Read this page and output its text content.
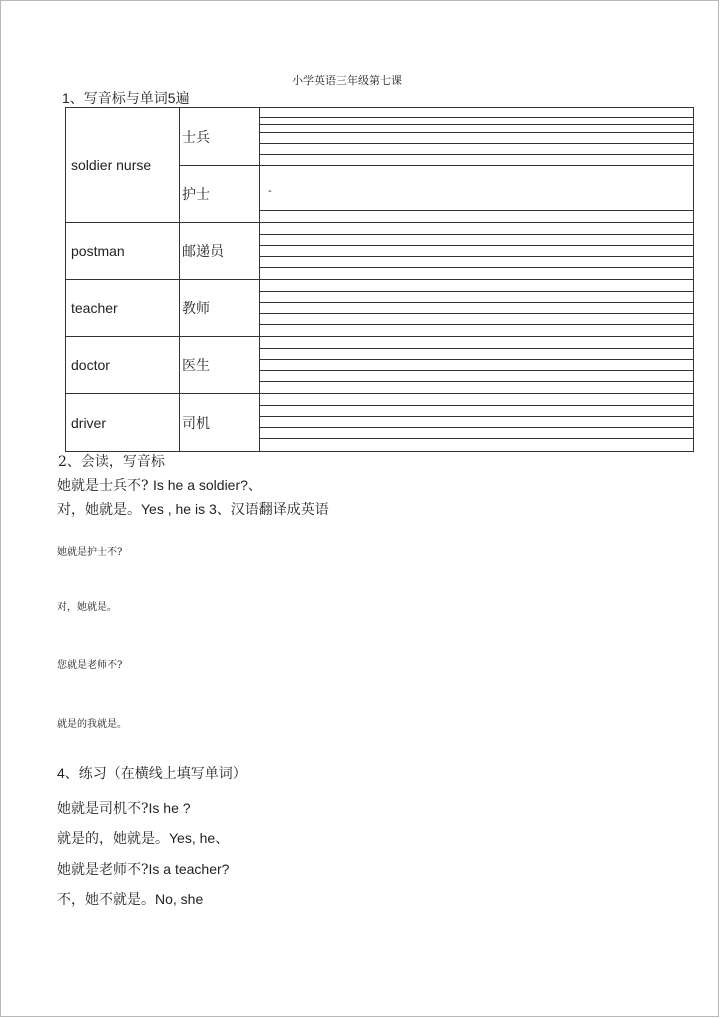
小学英语三年级第七课
1、写音标与单词5遍
soldier nurse	士兵	

	护士	-

postman	邮递员	

teacher	教师	

doctor	医生	

driver	司机	
2、会读，写音标
她就是士兵不? Is he a soldier?、
对，她就是。Yes , he is 3、汉语翻译成英语
她就是护士不?
对，她就是。
您就是老师不?
就是的我就是。
4、练习（在横线上填写单词）
她就是司机不?Is he ?
就是的，她就是。Yes, he、
她就是老师不?Is a teacher?
不，她不就是。No, she
